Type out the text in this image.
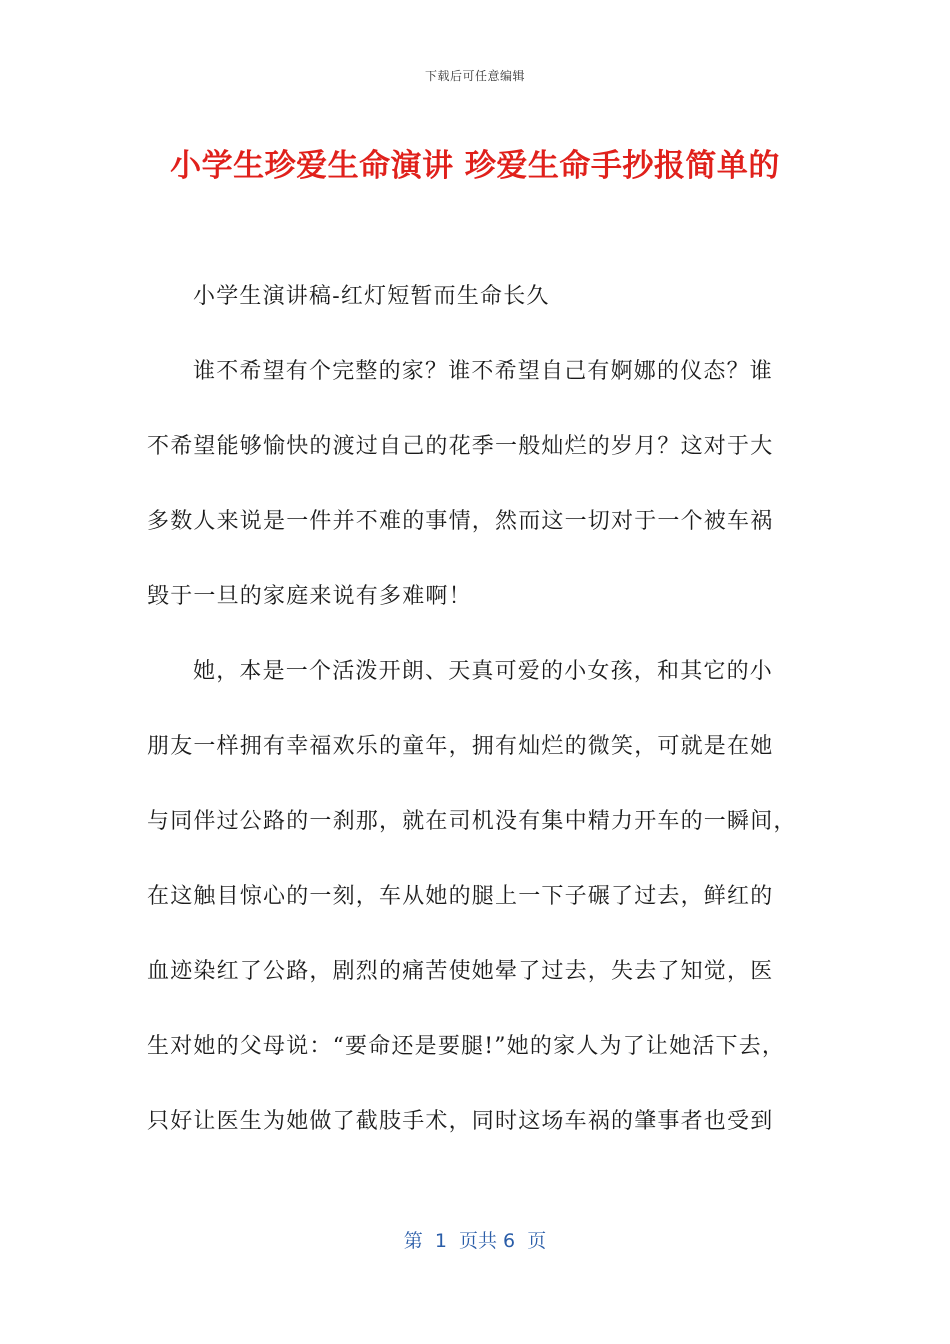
下载后可任意编辑
小学生珍爱生命演讲 珍爱生命手抄报简单的
小学生演讲稿-红灯短暂而生命长久
谁不希望有个完整的家？谁不希望自己有婀娜的仪态？谁
不希望能够愉快的渡过自己的花季一般灿烂的岁月？这对于大
多数人来说是一件并不难的事情，然而这一切对于一个被车祸
毁于一旦的家庭来说有多难啊！
她，本是一个活泼开朗、天真可爱的小女孩，和其它的小
朋友一样拥有幸福欢乐的童年，拥有灿烂的微笑，可就是在她
与同伴过公路的一刹那，就在司机没有集中精力开车的一瞬间，
在这触目惊心的一刻，车从她的腿上一下子碾了过去，鲜红的
血迹染红了公路，剧烈的痛苦使她晕了过去，失去了知觉，医
生对她的父母说：“要命还是要腿!”她的家人为了让她活下去，
只好让医生为她做了截肢手术，同时这场车祸的肇事者也受到
第  1  页共 6  页
